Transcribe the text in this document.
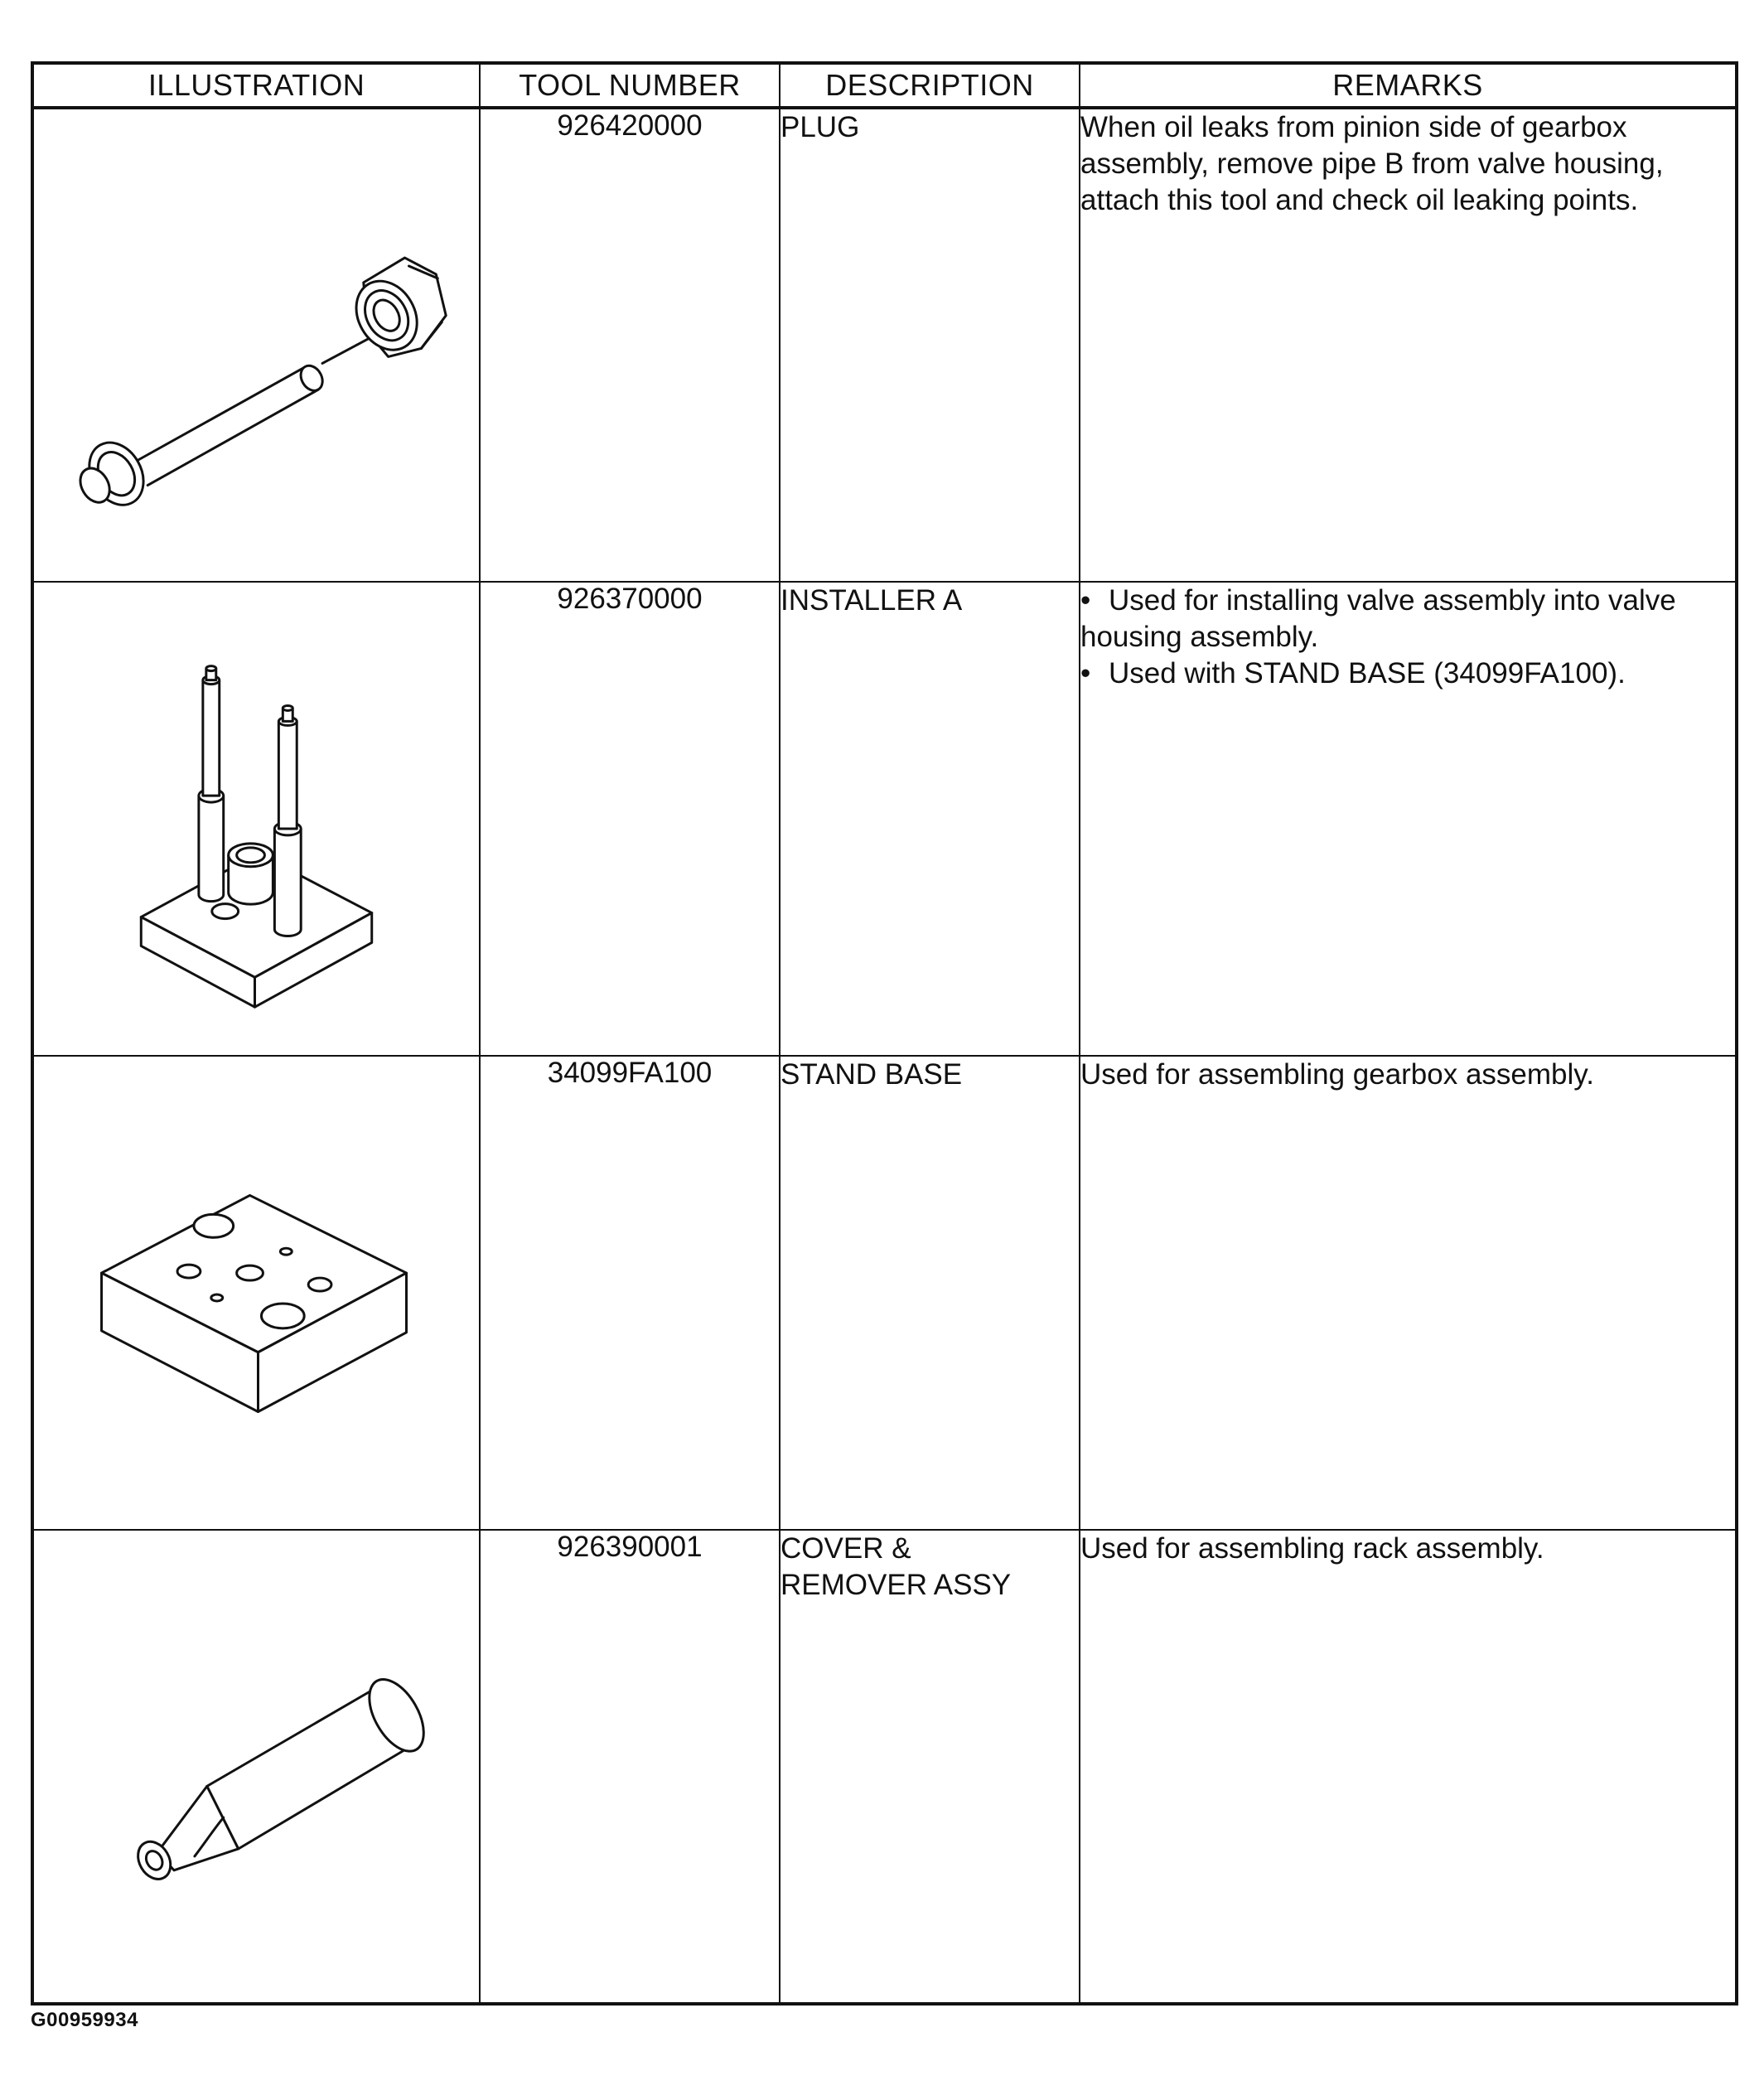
ILLUSTRATION	TOOL NUMBER	DESCRIPTION	REMARKS

	926420000	PLUG	When oil leaks from pinion side of gearbox assembly, remove pipe B from valve housing, attach this tool and check oil leaking points.

	926370000	INSTALLER A	• Used for installing valve assembly into valve housing assembly.
• Used with STAND BASE (34099FA100).

	34099FA100	STAND BASE	Used for assembling gearbox assembly.

	926390001	COVER &
REMOVER ASSY	Used for assembling rack assembly.
G00959934
